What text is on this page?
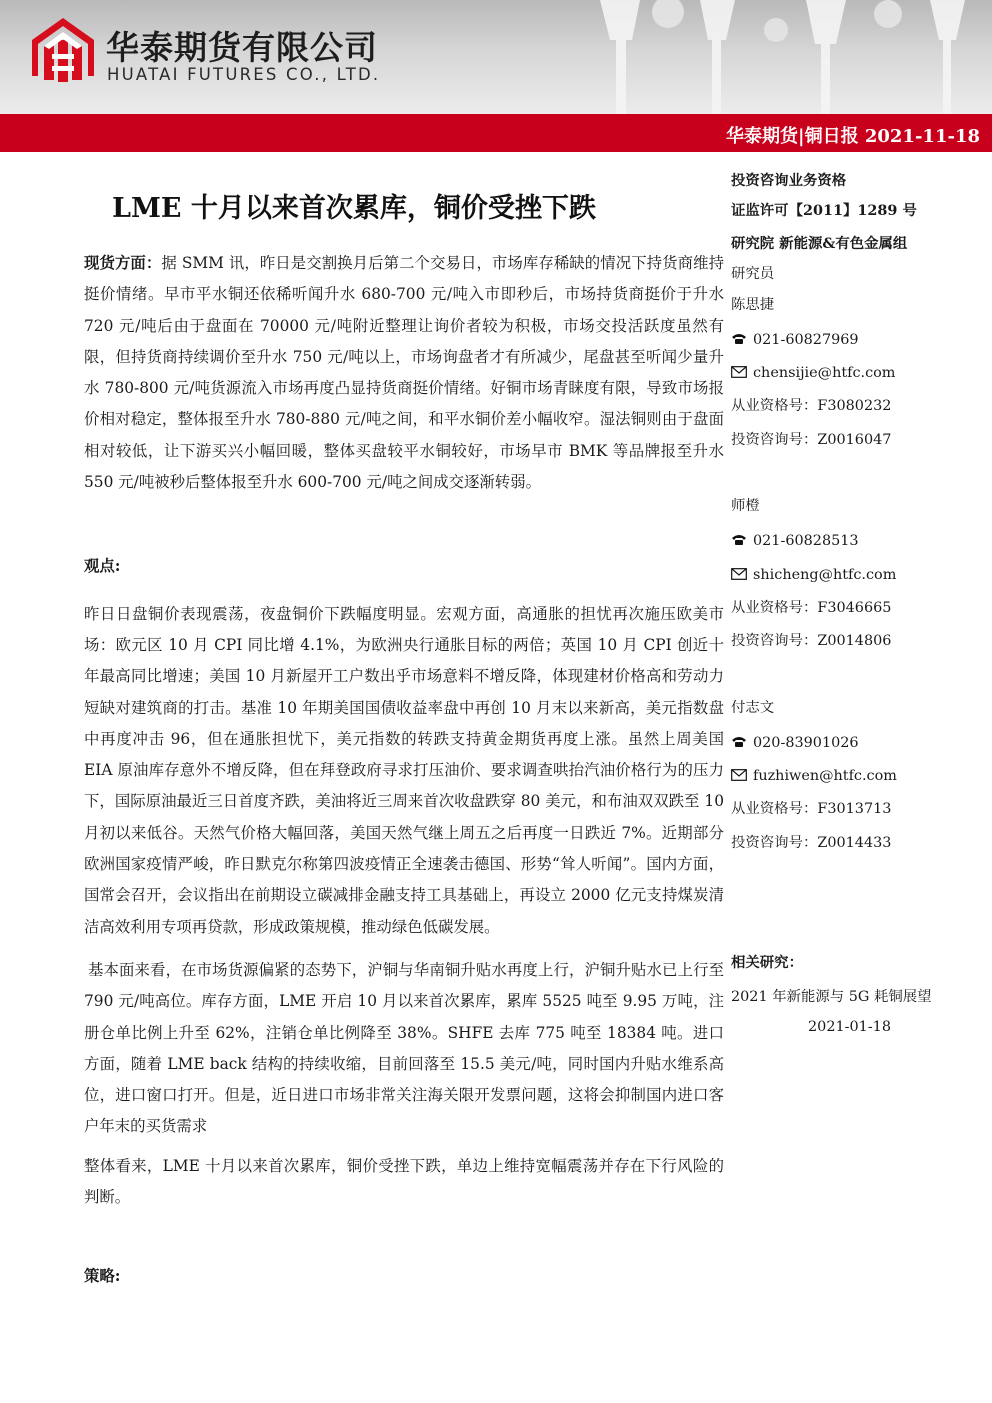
华泰期货有限公司
HUATAI FUTURES CO., LTD.
华泰期货|铜日报 2021-11-18
LME 十月以来首次累库，铜价受挫下跌

现货方面：据 SMM 讯，昨日是交割换月后第二个交易日，市场库存稀缺的情况下持货商维持挺价情绪。早市平水铜还依稀听闻升水 680-700 元/吨入市即秒后，市场持货商挺价于升水 720 元/吨后由于盘面在 70000 元/吨附近整理让询价者较为积极，市场交投活跃度虽然有限，但持货商持续调价至升水 750 元/吨以上，市场询盘者才有所减少，尾盘甚至听闻少量升水 780-800 元/吨货源流入市场再度凸显持货商挺价情绪。好铜市场青睐度有限，导致市场报价相对稳定，整体报至升水 780-880 元/吨之间，和平水铜价差小幅收窄。湿法铜则由于盘面相对较低，让下游买兴小幅回暖，整体买盘较平水铜较好，市场早市 BMK 等品牌报至升水 550 元/吨被秒后整体报至升水 600-700 元/吨之间成交逐渐转弱。

观点:

昨日日盘铜价表现震荡，夜盘铜价下跌幅度明显。宏观方面，高通胀的担忧再次施压欧美市场：欧元区 10 月 CPI 同比增 4.1%，为欧洲央行通胀目标的两倍；英国 10 月 CPI 创近十年最高同比增速；美国 10 月新屋开工户数出乎市场意料不增反降，体现建材价格高和劳动力短缺对建筑商的打击。基准 10 年期美国国债收益率盘中再创 10 月末以来新高，美元指数盘中再度冲击 96，但在通胀担忧下，美元指数的转跌支持黄金期货再度上涨。虽然上周美国 EIA 原油库存意外不增反降，但在拜登政府寻求打压油价、要求调查哄抬汽油价格行为的压力下，国际原油最近三日首度齐跌，美油将近三周来首次收盘跌穿 80 美元，和布油双双跌至 10 月初以来低谷。天然气价格大幅回落，美国天然气继上周五之后再度一日跌近 7%。近期部分欧洲国家疫情严峻，昨日默克尔称第四波疫情正全速袭击德国、形势“耸人听闻”。国内方面，国常会召开，会议指出在前期设立碳减排金融支持工具基础上，再设立 2000 亿元支持煤炭清洁高效利用专项再贷款，形成政策规模，推动绿色低碳发展。

基本面来看，在市场货源偏紧的态势下，沪铜与华南铜升贴水再度上行，沪铜升贴水已上行至 790 元/吨高位。库存方面，LME 开启 10 月以来首次累库，累库 5525 吨至 9.95 万吨，注册仓单比例上升至 62%，注销仓单比例降至 38%。SHFE 去库 775 吨至 18384 吨。进口方面，随着 LME back 结构的持续收缩，目前回落至 15.5 美元/吨，同时国内升贴水维系高位，进口窗口打开。但是，近日进口市场非常关注海关限开发票问题，这将会抑制国内进口客户年末的买货需求

整体看来，LME 十月以来首次累库，铜价受挫下跌，单边上维持宽幅震荡并存在下行风险的判断。

策略:

投资咨询业务资格
证监许可【2011】1289 号
研究院 新能源&有色金属组
研究员
陈思捷
021-60827969
chensijie@htfc.com
从业资格号：F3080232
投资咨询号：Z0016047
师橙
021-60828513
shicheng@htfc.com
从业资格号：F3046665
投资咨询号：Z0014806
付志文
020-83901026
fuzhiwen@htfc.com
从业资格号：F3013713
投资咨询号：Z0014433
相关研究：
2021 年新能源与 5G 耗铜展望
2021-01-18
